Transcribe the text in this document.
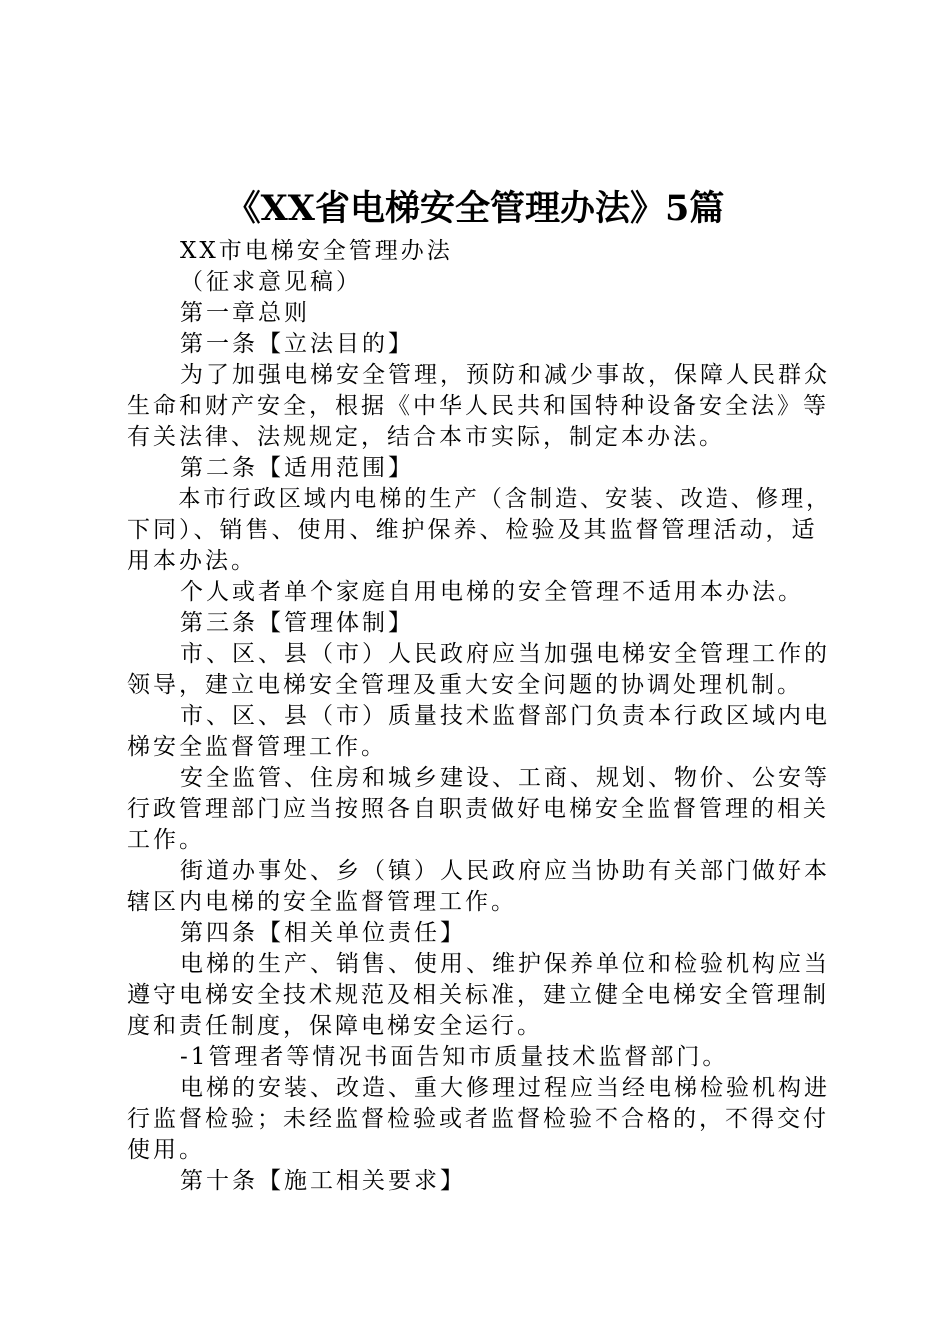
《XX省电梯安全管理办法》5篇
XX市电梯安全管理办法
（征求意见稿）
第一章总则
第一条【立法目的】
为了加强电梯安全管理，预防和减少事故，保障人民群众
生命和财产安全，根据《中华人民共和国特种设备安全法》等
有关法律、法规规定，结合本市实际，制定本办法。
第二条【适用范围】
本市行政区域内电梯的生产（含制造、安装、改造、修理，
下同）、销售、使用、维护保养、检验及其监督管理活动，适
用本办法。
个人或者单个家庭自用电梯的安全管理不适用本办法。
第三条【管理体制】
市、区、县（市）人民政府应当加强电梯安全管理工作的
领导，建立电梯安全管理及重大安全问题的协调处理机制。
市、区、县（市）质量技术监督部门负责本行政区域内电
梯安全监督管理工作。
安全监管、住房和城乡建设、工商、规划、物价、公安等
行政管理部门应当按照各自职责做好电梯安全监督管理的相关
工作。
街道办事处、乡（镇）人民政府应当协助有关部门做好本
辖区内电梯的安全监督管理工作。
第四条【相关单位责任】
电梯的生产、销售、使用、维护保养单位和检验机构应当
遵守电梯安全技术规范及相关标准，建立健全电梯安全管理制
度和责任制度，保障电梯安全运行。
-1管理者等情况书面告知市质量技术监督部门。
电梯的安装、改造、重大修理过程应当经电梯检验机构进
行监督检验；未经监督检验或者监督检验不合格的，不得交付
使用。
第十条【施工相关要求】
